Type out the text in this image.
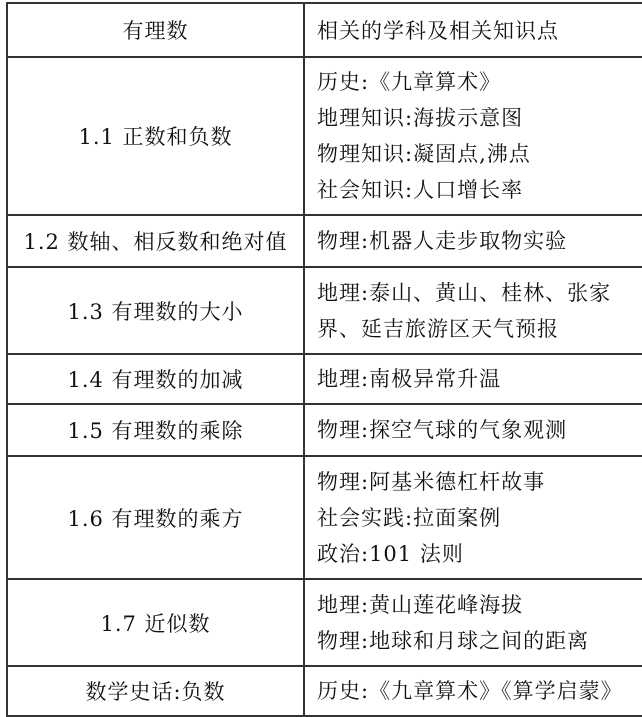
有理数	相关的学科及相关知识点
1.1 正数和负数	历史:《九章算术》
地理知识:海拔示意图
物理知识:凝固点,沸点
社会知识:人口增长率

1.2 数轴、相反数和绝对值	物理:机器人走步取物实验

1.3 有理数的大小	地理:泰山、黄山、桂林、张家
界、延吉旅游区天气预报

1.4 有理数的加减	地理:南极异常升温

1.5 有理数的乘除	物理:探空气球的气象观测

1.6 有理数的乘方	物理:阿基米德杠杆故事
社会实践:拉面案例
政治:101 法则

1.7 近似数	地理:黄山莲花峰海拔
物理:地球和月球之间的距离

数学史话:负数	历史:《九章算术》《算学启蒙》
